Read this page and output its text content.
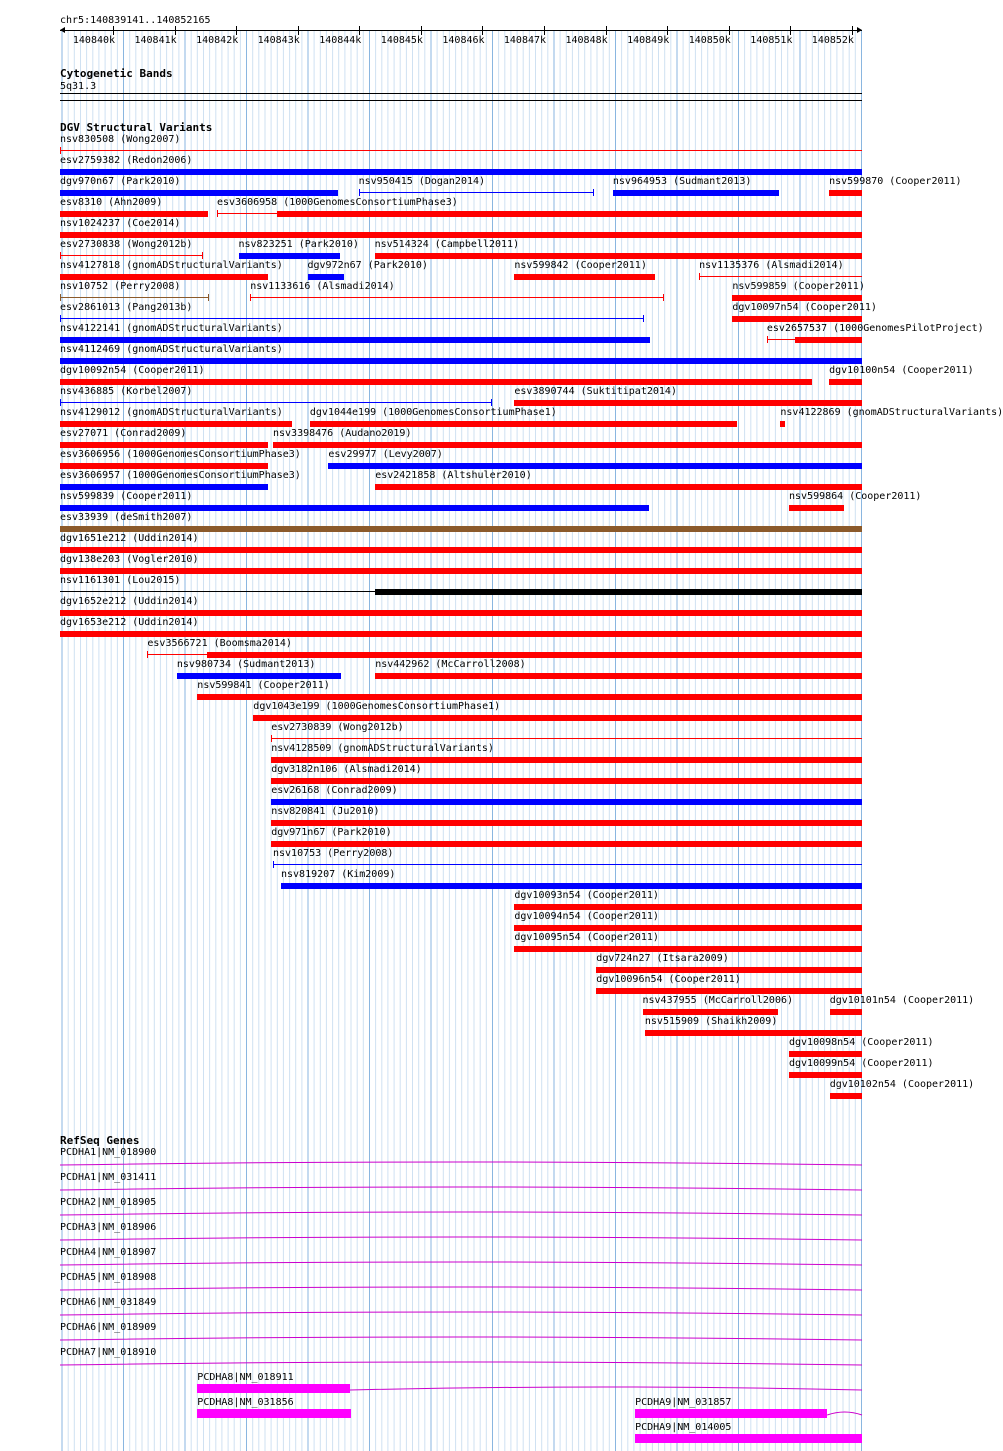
chr5:140839141..140852165
140840k 140841k 140842k 140843k 140844k 140845k 140846k 140847k 140848k 140849k 140850k 140851k 140852k
Cytogenetic Bands
5q31.3
DGV Structural Variants
nsv830508 (Wong2007)
esv2759382 (Redon2006)
dgv970n67 (Park2010)	nsv950415 (Dogan2014)	nsv964953 (Sudmant2013)	nsv599870 (Cooper2011)
esv8310 (Ahn2009)	esv3606958 (1000GenomesConsortiumPhase3)
nsv1024237 (Coe2014)
esv2730838 (Wong2012b)	nsv823251 (Park2010) nsv514324 (Campbell2011)
nsv4127818 (gnomADStructuralVariants) dgv972n67 (Park2010)	nsv599842 (Cooper2011)	nsv1135376 (Alsmadi2014)
nsv10752 (Perry2008)	nsv1133616 (Alsmadi2014)	nsv599859 (Cooper2011)
esv2861013 (Pang2013b)	dgv10097n54 (Cooper2011)
nsv4122141 (gnomADStructuralVariants)	esv2657537 (1000GenomesPilotProject)
nsv4112469 (gnomADStructuralVariants)
dgv10092n54 (Cooper2011)	dgv10100n54 (Cooper2011)
nsv436885 (Korbel2007)	esv3890744 (Suktitipat2014)
nsv4129012 (gnomADStructuralVariants)	dgv1044e199 (1000GenomesConsortiumPhase1)	nsv4122869 (gnomADStructuralVariants)
esv27071 (Conrad2009)	nsv3398476 (Audano2019)
esv3606956 (1000GenomesConsortiumPhase3)	esv29977 (Levy2007)
esv3606957 (1000GenomesConsortiumPhase3)	esv2421858 (Altshuler2010)
nsv599839 (Cooper2011)	nsv599864 (Cooper2011)
esv33939 (deSmith2007)
dgv1651e212 (Uddin2014)
dgv138e203 (Vogler2010)
nsv1161301 (Lou2015)
dgv1652e212 (Uddin2014)
dgv1653e212 (Uddin2014)
esv3566721 (Boomsma2014)
nsv980734 (Sudmant2013)	nsv442962 (McCarroll2008)
nsv599841 (Cooper2011)
dgv1043e199 (1000GenomesConsortiumPhase1)
esv2730839 (Wong2012b)
nsv4128509 (gnomADStructuralVariants)
dgv3182n106 (Alsmadi2014)
esv26168 (Conrad2009)
nsv820841 (Ju2010)
dgv971n67 (Park2010)
nsv10753 (Perry2008)
nsv819207 (Kim2009)
dgv10093n54 (Cooper2011)
dgv10094n54 (Cooper2011)
dgv10095n54 (Cooper2011)
dgv724n27 (Itsara2009)
dgv10096n54 (Cooper2011)
nsv437955 (McCarroll2006)	dgv10101n54 (Cooper2011)
nsv515909 (Shaikh2009)
dgv10098n54 (Cooper2011)
dgv10099n54 (Cooper2011)
dgv10102n54 (Cooper2011)
RefSeq Genes
PCDHA1|NM_018900
PCDHA1|NM_031411
PCDHA2|NM_018905
PCDHA3|NM_018906
PCDHA4|NM_018907
PCDHA5|NM_018908
PCDHA6|NM_031849
PCDHA6|NM_018909
PCDHA7|NM_018910
PCDHA8|NM_018911
PCDHA8|NM_031856	PCDHA9|NM_031857
PCDHA9|NM_014005
